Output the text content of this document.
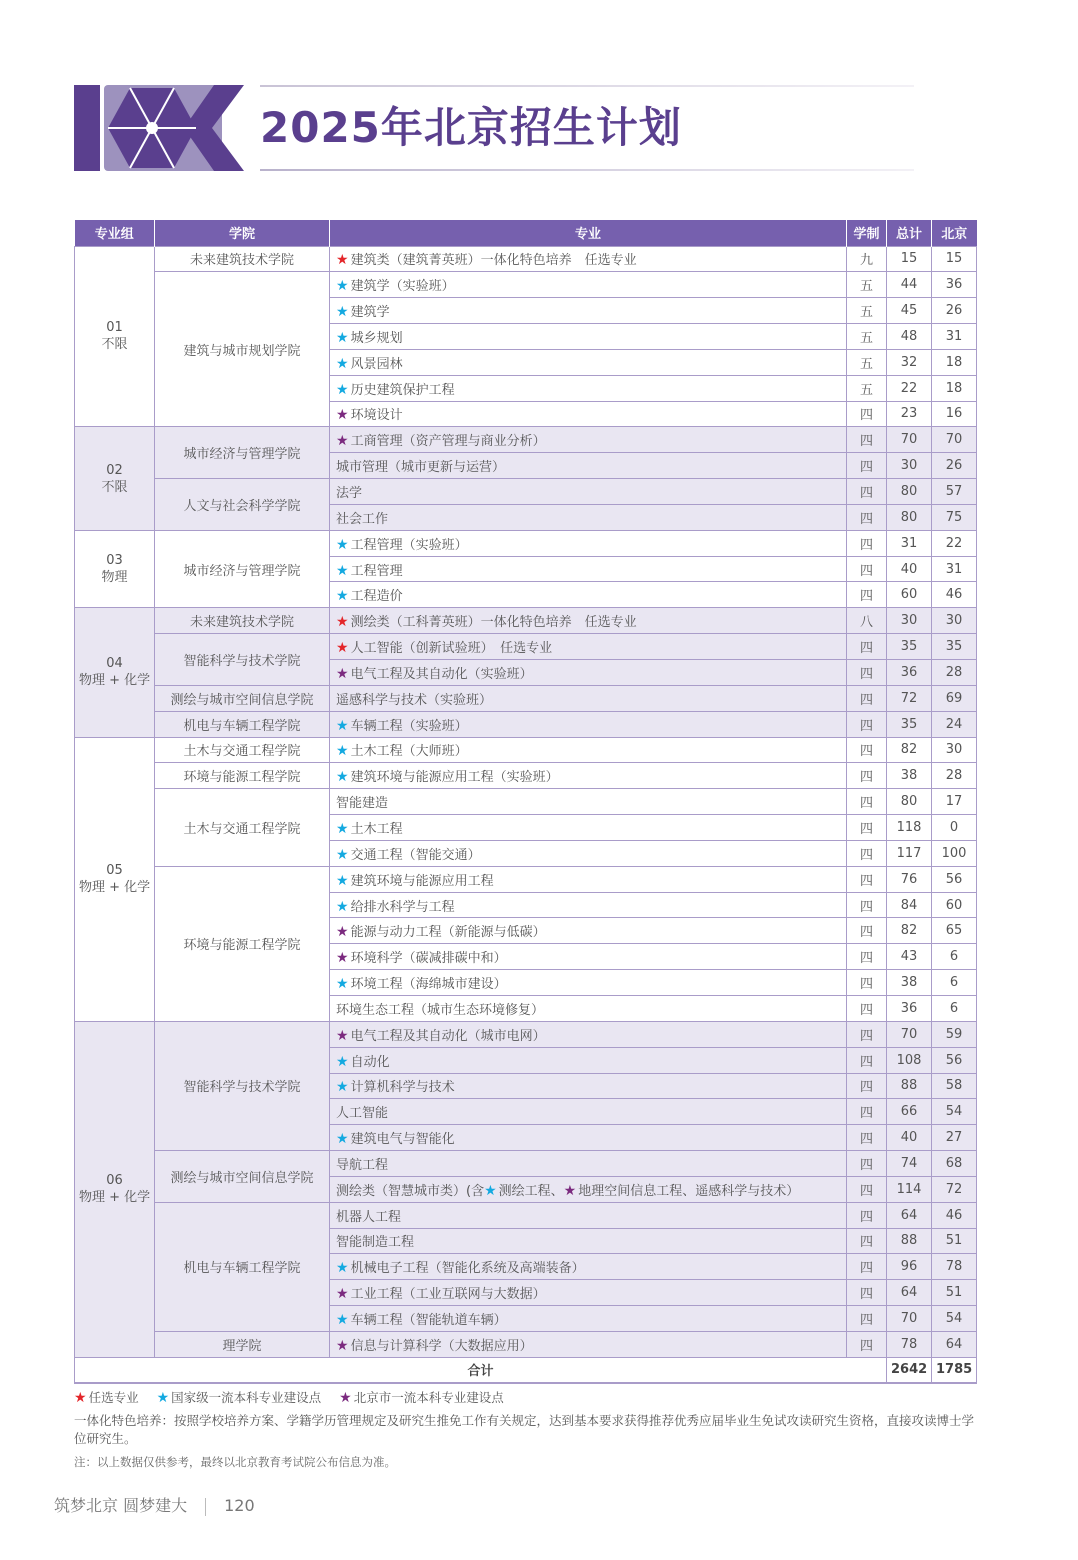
2025年北京招生计划
专业组	学院	专业	学制	总计	北京

01
不限	未来建筑技术学院	★ 建筑类（建筑菁英班）一体化特色培养　任选专业	九	15	15
	建筑与城市规划学院	★ 建筑学（实验班）	五	44	36
		★ 建筑学	五	45	26
		★ 城乡规划	五	48	31
		★ 风景园林	五	32	18
		★ 历史建筑保护工程	五	22	18
		★ 环境设计	四	23	16

02
不限	城市经济与管理学院	★ 工商管理（资产管理与商业分析）	四	70	70
		城市管理（城市更新与运营）	四	30	26
	人文与社会科学学院	法学	四	80	57
		社会工作	四	80	75

03
物理	城市经济与管理学院	★ 工程管理（实验班）	四	31	22
		★ 工程管理	四	40	31
		★ 工程造价	四	60	46

04
物理 + 化学	未来建筑技术学院	★ 测绘类（工科菁英班）一体化特色培养　任选专业	八	30	30
	智能科学与技术学院	★ 人工智能（创新试验班）　任选专业	四	35	35
		★ 电气工程及其自动化（实验班）	四	36	28
	测绘与城市空间信息学院	遥感科学与技术（实验班）	四	72	69
	机电与车辆工程学院	★ 车辆工程（实验班）	四	35	24

05
物理 + 化学	土木与交通工程学院	★ 土木工程（大师班）	四	82	30
	环境与能源工程学院	★ 建筑环境与能源应用工程（实验班）	四	38	28
	土木与交通工程学院	智能建造	四	80	17
		★ 土木工程	四	118	0
		★ 交通工程（智能交通）	四	117	100
	环境与能源工程学院	★ 建筑环境与能源应用工程	四	76	56
		★ 给排水科学与工程	四	84	60
		★ 能源与动力工程（新能源与低碳）	四	82	65
		★ 环境科学（碳减排碳中和）	四	43	6
		★ 环境工程（海绵城市建设）	四	38	6
		环境生态工程（城市生态环境修复）	四	36	6

06
物理 + 化学	智能科学与技术学院	★ 电气工程及其自动化（城市电网）	四	70	59
		★ 自动化	四	108	56
		★ 计算机科学与技术	四	88	58
		人工智能	四	66	54
		★ 建筑电气与智能化	四	40	27
	测绘与城市空间信息学院	导航工程	四	74	68
		测绘类（智慧城市类）(含★ 测绘工程、★ 地理空间信息工程、遥感科学与技术）	四	114	72
	机电与车辆工程学院	机器人工程	四	64	46
		智能制造工程	四	88	51
		★ 机械电子工程（智能化系统及高端装备）	四	96	78
		★ 工业工程（工业互联网与大数据）	四	64	51
		★ 车辆工程（智能轨道车辆）	四	70	54
	理学院	★ 信息与计算科学（大数据应用）	四	78	64
合计				2642	1785
★ 任选专业 ★ 国家级一流本科专业建设点 ★ 北京市一流本科专业建设点
一体化特色培养：按照学校培养方案、学籍学历管理规定及研究生推免工作有关规定，达到基本要求获得推荐优秀应届毕业生免试攻读研究生资格，直接攻读博士学位研究生。
注：以上数据仅供参考，最终以北京教育考试院公布信息为准。
筑梦北京 圆梦建大 120
